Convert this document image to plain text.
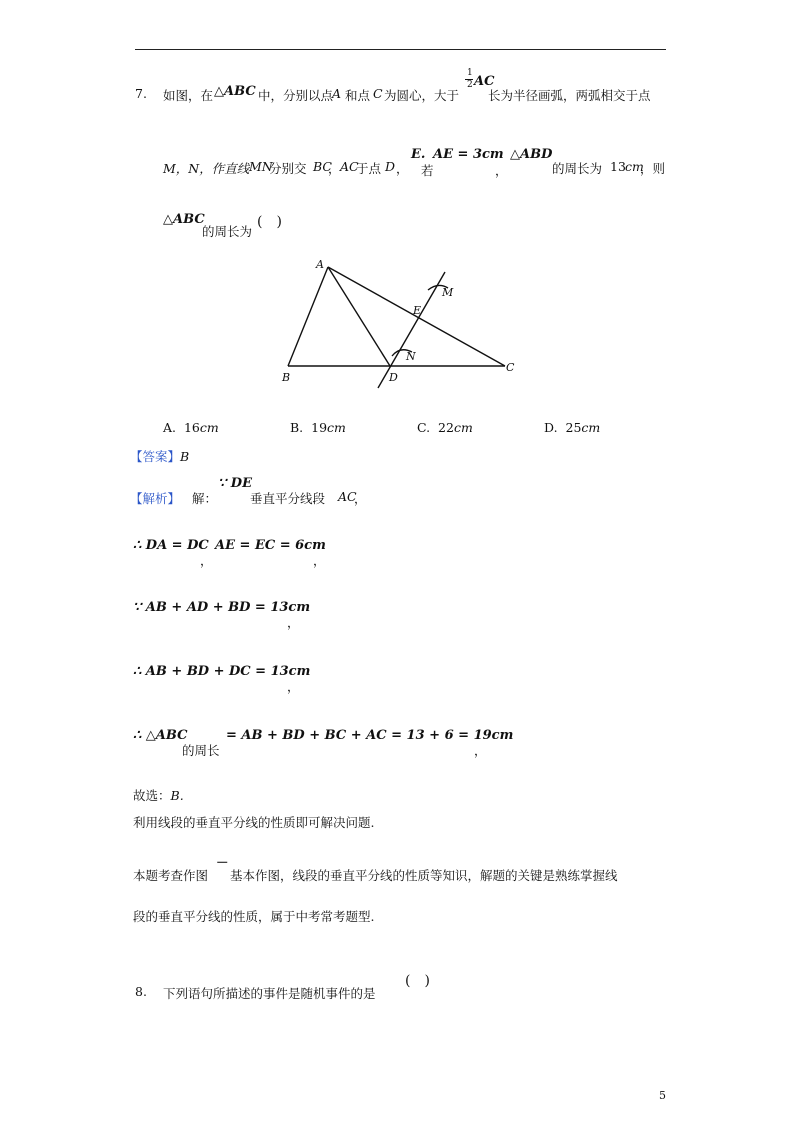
7. 如图，在 △ABC 中，分别以点
A 和点 C 为圆心，大于
1
2 AC
长为半径画弧，两弧相交于点
M，N，作直线 MN
分别交 BC
， AC
于点 D ，
E.
若
AE = 3cm
，
△ABD
的周长为 13 cm
，则
△ABC
的周长为
(　)
A
B
C
D
E
M
N
A. 16cm	B. 19cm	C. 22cm	D. 25cm
【答案】B
【解析】 解：
∵ DE
垂直平分线段 AC
，
∴ DA = DC
，
AE = EC = 6cm
，
∵ AB + AD + BD = 13cm
，
∴ AB + BD + DC = 13cm
，
∴ △ABC
的周长
= AB + BD + BC + AC = 13 + 6 = 19cm
，
故选：B.
利用线段的垂直平分线的性质即可解决问题.
本题考查作图
－
基本作图，线段的垂直平分线的性质等知识，解题的关键是熟练掌握线
段的垂直平分线的性质，属于中考常考题型.
8. 下列语句所描述的事件是随机事件的是
(　)
5
